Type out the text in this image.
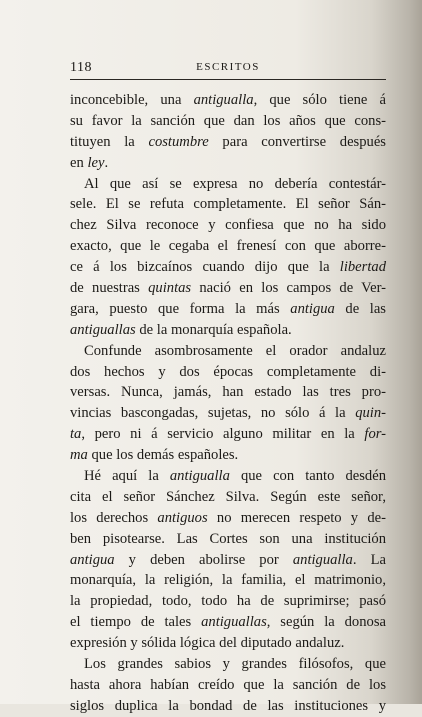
118	ESCRITOS
inconcebible, una antigualla, que sólo tiene á
su favor la sanción que dan los años que cons-
tituyen la costumbre para convertirse después
en ley.
Al que así se expresa no debería contestár-
sele. El se refuta completamente. El señor Sán-
chez Silva reconoce y confiesa que no ha sido
exacto, que le cegaba el frenesí con que aborre-
ce á los bizcaínos cuando dijo que la libertad
de nuestras quintas nació en los campos de Ver-
gara, puesto que forma la más antigua de las
antiguallas de la monarquía española.
Confunde asombrosamente el orador andaluz
dos hechos y dos épocas completamente di-
versas. Nunca, jamás, han estado las tres pro-
vincias bascongadas, sujetas, no sólo á la quin-
ta, pero ni á servicio alguno militar en la for-
ma que los demás españoles.
Hé aquí la antigualla que con tanto desdén
cita el señor Sánchez Silva. Según este señor,
los derechos antiguos no merecen respeto y de-
ben pisotearse. Las Cortes son una institución
antigua y deben abolirse por antigualla. La
monarquía, la religión, la familia, el matrimonio,
la propiedad, todo, todo ha de suprimirse; pasó
el tiempo de tales antiguallas, según la donosa
expresión y sólida lógica del diputado andaluz.
Los grandes sabios y grandes filósofos, que
hasta ahora habían creído que la sanción de los
siglos duplica la bondad de las instituciones y
